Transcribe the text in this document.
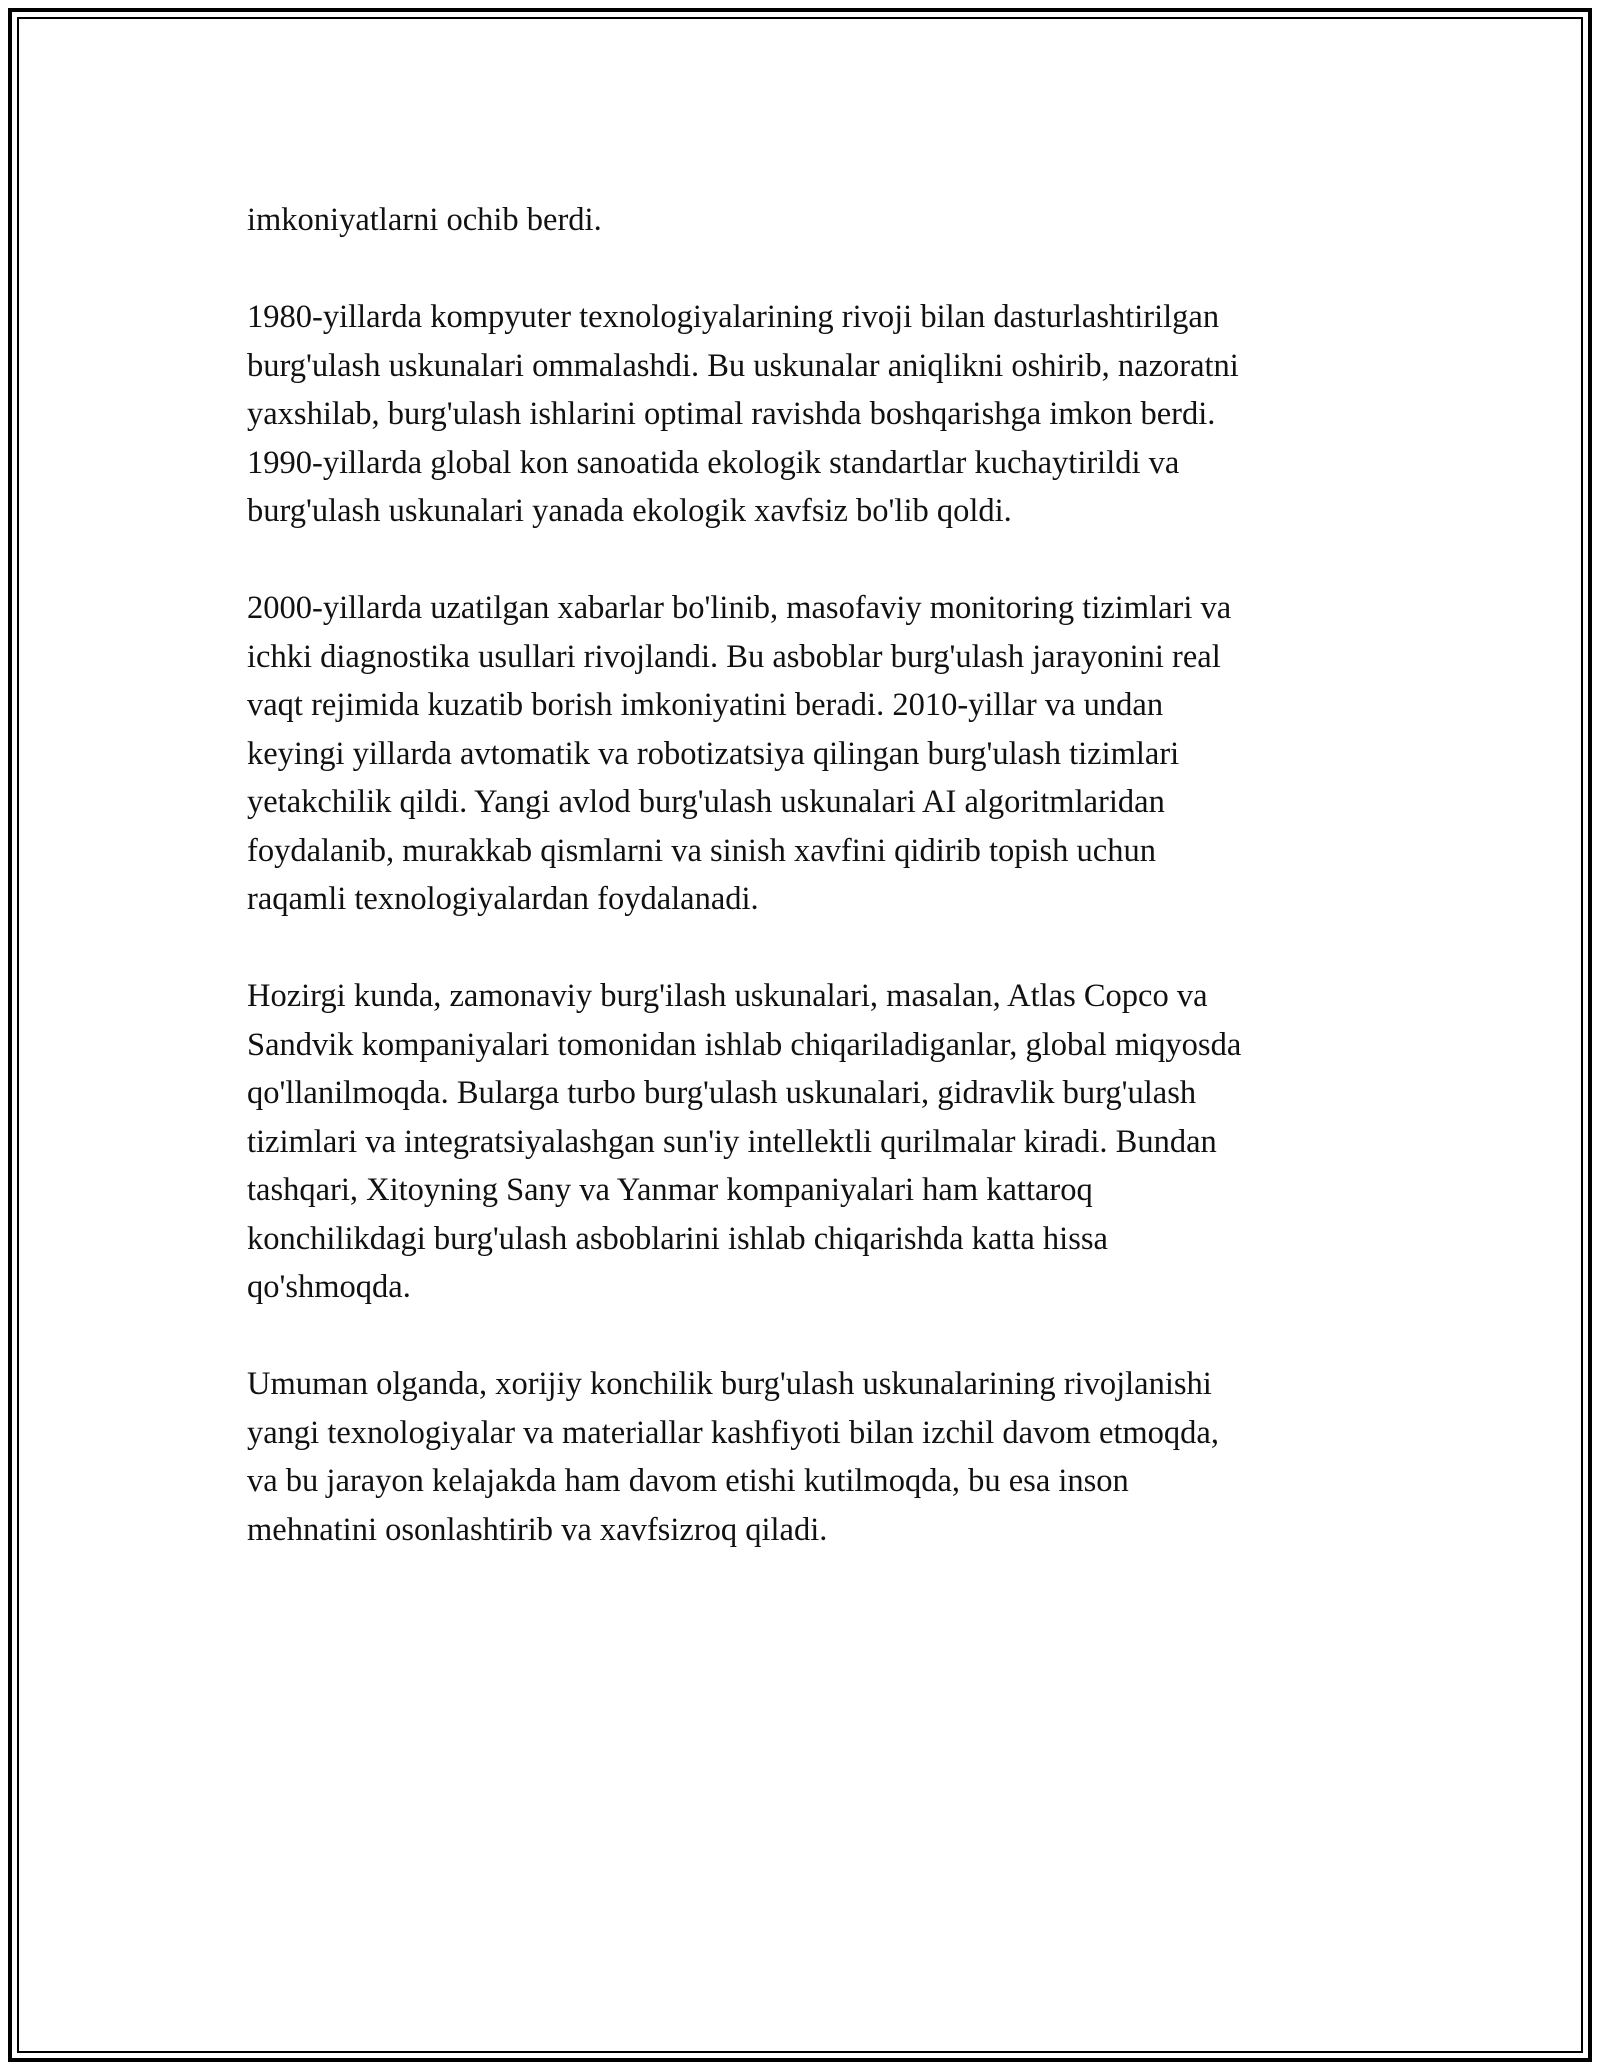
imkoniyatlarni ochib berdi.

1980-yillarda kompyuter texnologiyalarining rivoji bilan dasturlashtirilgan
burg'ulash uskunalari ommalashdi. Bu uskunalar aniqlikni oshirib, nazoratni
yaxshilab, burg'ulash ishlarini optimal ravishda boshqarishga imkon berdi.
1990-yillarda global kon sanoatida ekologik standartlar kuchaytirildi va
burg'ulash uskunalari yanada ekologik xavfsiz bo'lib qoldi.

2000-yillarda uzatilgan xabarlar bo'linib, masofaviy monitoring tizimlari va
ichki diagnostika usullari rivojlandi. Bu asboblar burg'ulash jarayonini real
vaqt rejimida kuzatib borish imkoniyatini beradi. 2010-yillar va undan
keyingi yillarda avtomatik va robotizatsiya qilingan burg'ulash tizimlari
yetakchilik qildi. Yangi avlod burg'ulash uskunalari AI algoritmlaridan
foydalanib, murakkab qismlarni va sinish xavfini qidirib topish uchun
raqamli texnologiyalardan foydalanadi.

Hozirgi kunda, zamonaviy burg'ilash uskunalari, masalan, Atlas Copco va
Sandvik kompaniyalari tomonidan ishlab chiqariladiganlar, global miqyosda
qo'llanilmoqda. Bularga turbo burg'ulash uskunalari, gidravlik burg'ulash
tizimlari va integratsiyalashgan sun'iy intellektli qurilmalar kiradi. Bundan
tashqari, Xitoyning Sany va Yanmar kompaniyalari ham kattaroq
konchilikdagi burg'ulash asboblarini ishlab chiqarishda katta hissa
qo'shmoqda.

Umuman olganda, xorijiy konchilik burg'ulash uskunalarining rivojlanishi
yangi texnologiyalar va materiallar kashfiyoti bilan izchil davom etmoqda,
va bu jarayon kelajakda ham davom etishi kutilmoqda, bu esa inson
mehnatini osonlashtirib va xavfsizroq qiladi.
